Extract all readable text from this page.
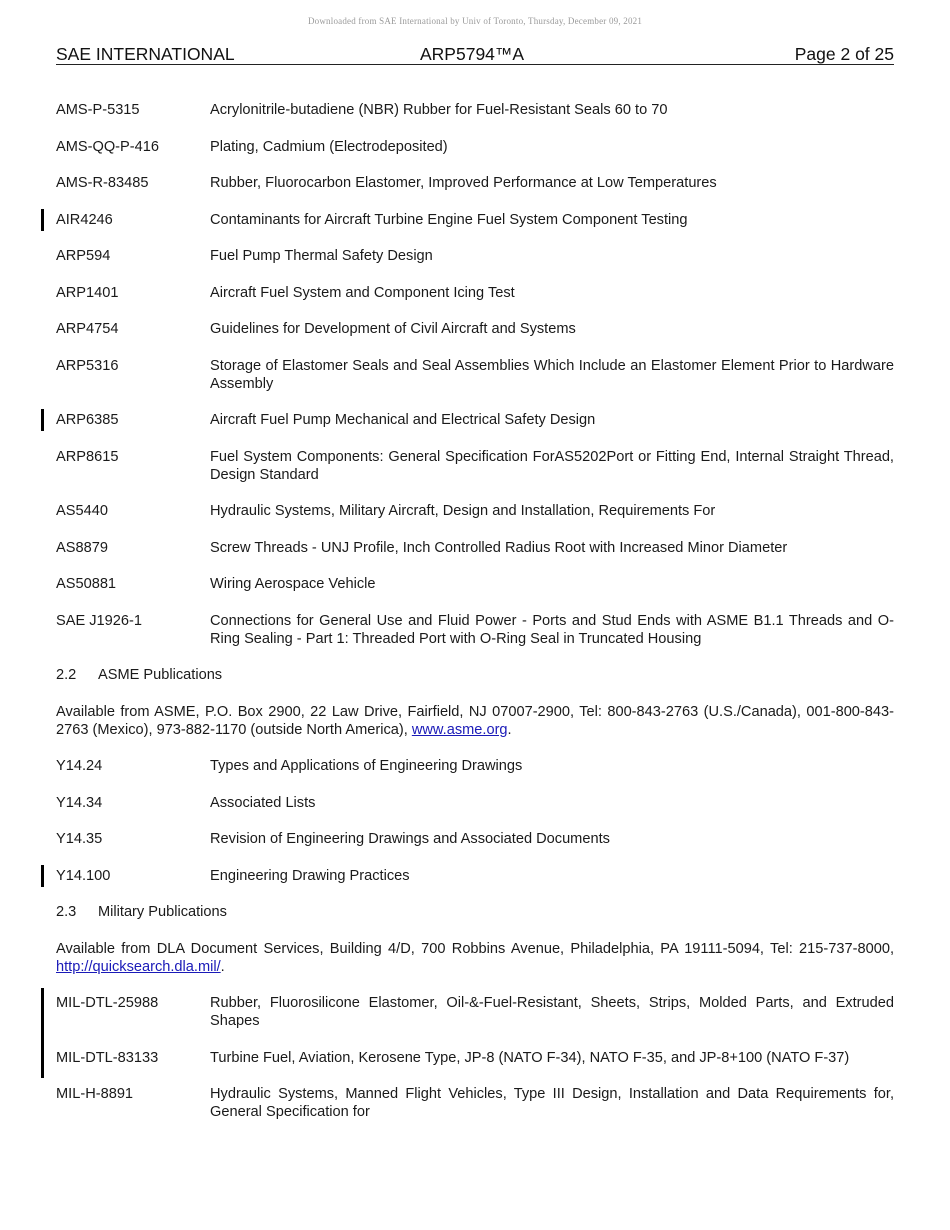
Downloaded from SAE International by Univ of Toronto, Thursday, December 09, 2021
SAE INTERNATIONAL	ARP5794™A	Page 2 of 25
AMS-P-5315	Acrylonitrile-butadiene (NBR) Rubber for Fuel-Resistant Seals 60 to 70
AMS-QQ-P-416	Plating, Cadmium (Electrodeposited)
AMS-R-83485	Rubber, Fluorocarbon Elastomer, Improved Performance at Low Temperatures
AIR4246	Contaminants for Aircraft Turbine Engine Fuel System Component Testing
ARP594	Fuel Pump Thermal Safety Design
ARP1401	Aircraft Fuel System and Component Icing Test
ARP4754	Guidelines for Development of Civil Aircraft and Systems
ARP5316	Storage of Elastomer Seals and Seal Assemblies Which Include an Elastomer Element Prior to Hardware Assembly
ARP6385	Aircraft Fuel Pump Mechanical and Electrical Safety Design
ARP8615	Fuel System Components: General Specification ForAS5202Port or Fitting End, Internal Straight Thread, Design Standard
AS5440	Hydraulic Systems, Military Aircraft, Design and Installation, Requirements For
AS8879	Screw Threads - UNJ Profile, Inch Controlled Radius Root with Increased Minor Diameter
AS50881	Wiring Aerospace Vehicle
SAE J1926-1	Connections for General Use and Fluid Power - Ports and Stud Ends with ASME B1.1 Threads and O-Ring Sealing - Part 1: Threaded Port with O-Ring Seal in Truncated Housing
2.2 ASME Publications
Available from ASME, P.O. Box 2900, 22 Law Drive, Fairfield, NJ 07007-2900, Tel: 800-843-2763 (U.S./Canada), 001-800-843-2763 (Mexico), 973-882-1170 (outside North America), www.asme.org.
Y14.24	Types and Applications of Engineering Drawings
Y14.34	Associated Lists
Y14.35	Revision of Engineering Drawings and Associated Documents
Y14.100	Engineering Drawing Practices
2.3 Military Publications
Available from DLA Document Services, Building 4/D, 700 Robbins Avenue, Philadelphia, PA 19111-5094, Tel: 215-737-8000, http://quicksearch.dla.mil/.
MIL-DTL-25988	Rubber, Fluorosilicone Elastomer, Oil-&-Fuel-Resistant, Sheets, Strips, Molded Parts, and Extruded Shapes
MIL-DTL-83133	Turbine Fuel, Aviation, Kerosene Type, JP-8 (NATO F-34), NATO F-35, and JP-8+100 (NATO F-37)
MIL-H-8891	Hydraulic Systems, Manned Flight Vehicles, Type III Design, Installation and Data Requirements for, General Specification for
